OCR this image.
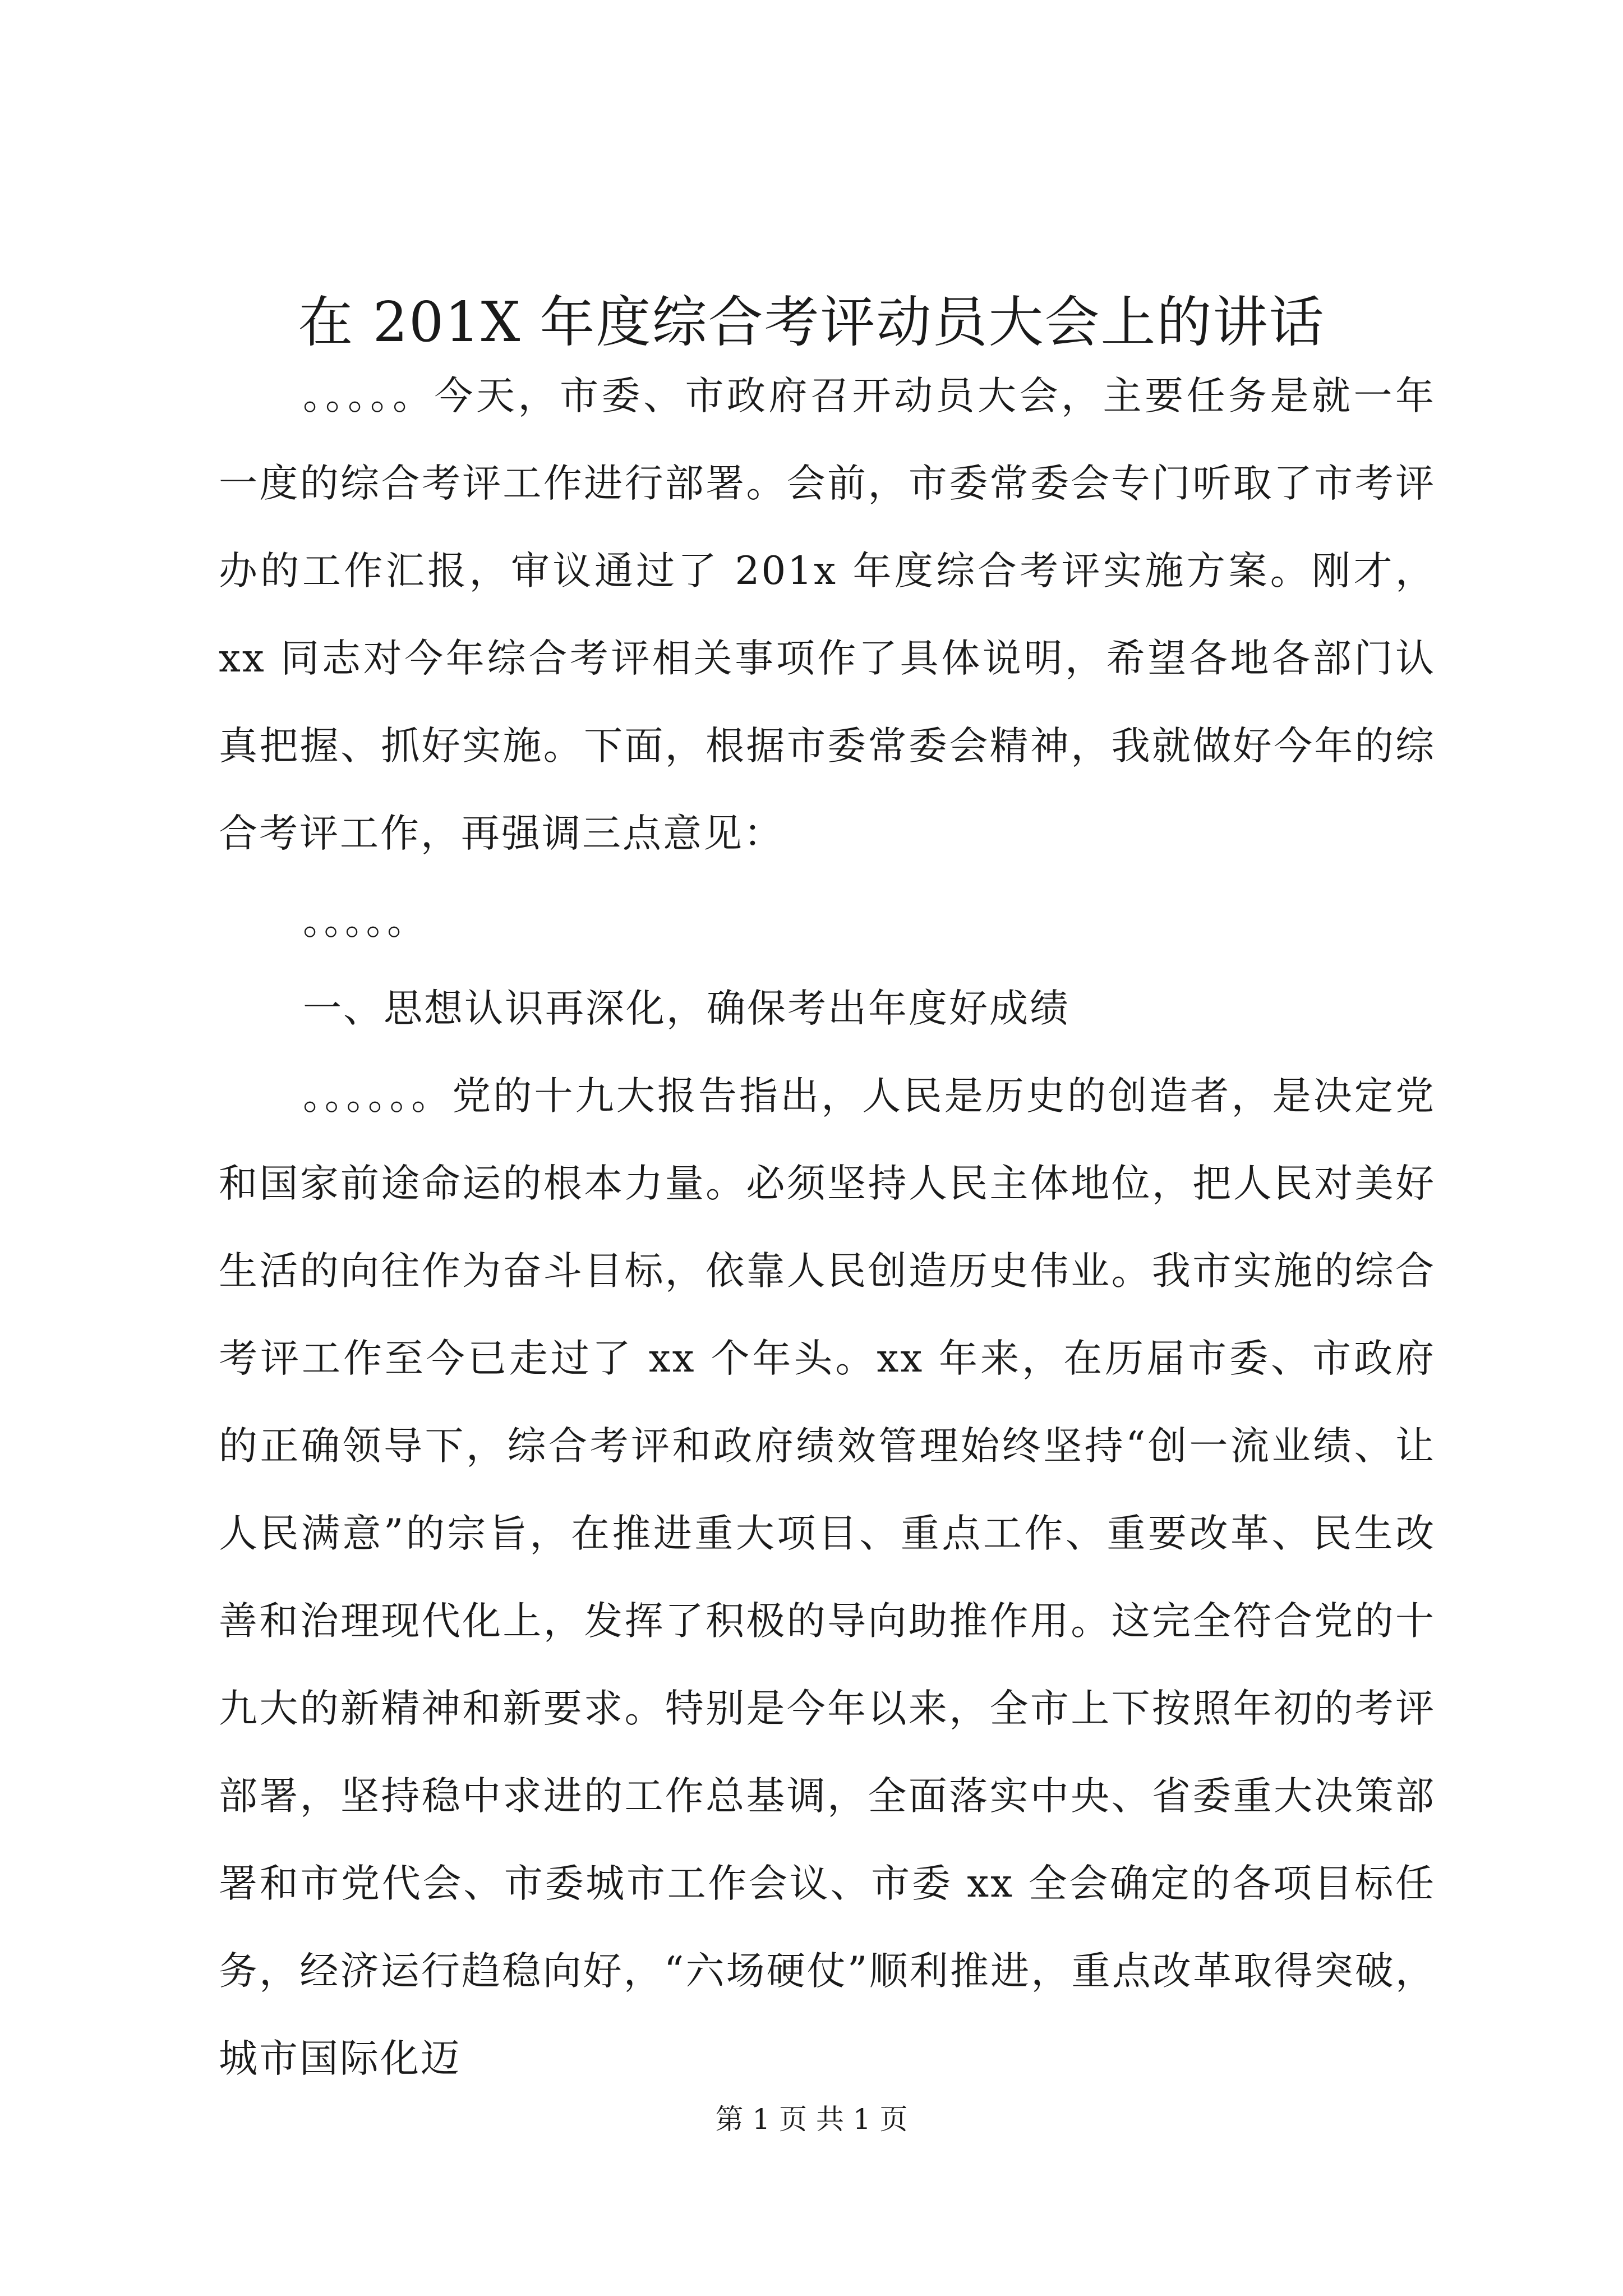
在 201X 年度综合考评动员大会上的讲话

。。。。。今天，市委、市政府召开动员大会，主要任务是就一年一度的综合考评工作进行部署。会前，市委常委会专门听取了市考评办的工作汇报，审议通过了 201x 年度综合考评实施方案。刚才，xx 同志对今年综合考评相关事项作了具体说明，希望各地各部门认真把握、抓好实施。下面，根据市委常委会精神，我就做好今年的综合考评工作，再强调三点意见：

。。。。。

一、思想认识再深化，确保考出年度好成绩

。。。。。。党的十九大报告指出，人民是历史的创造者，是决定党和国家前途命运的根本力量。必须坚持人民主体地位，把人民对美好生活的向往作为奋斗目标，依靠人民创造历史伟业。我市实施的综合考评工作至今已走过了 xx 个年头。xx 年来，在历届市委、市政府的正确领导下，综合考评和政府绩效管理始终坚持“创一流业绩、让人民满意”的宗旨，在推进重大项目、重点工作、重要改革、民生改善和治理现代化上，发挥了积极的导向助推作用。这完全符合党的十九大的新精神和新要求。特别是今年以来，全市上下按照年初的考评部署，坚持稳中求进的工作总基调，全面落实中央、省委重大决策部署和市党代会、市委城市工作会议、市委 xx 全会确定的各项目标任务，经济运行趋稳向好，“六场硬仗”顺利推进，重点改革取得突破，城市国际化迈

第 1 页 共 1 页
